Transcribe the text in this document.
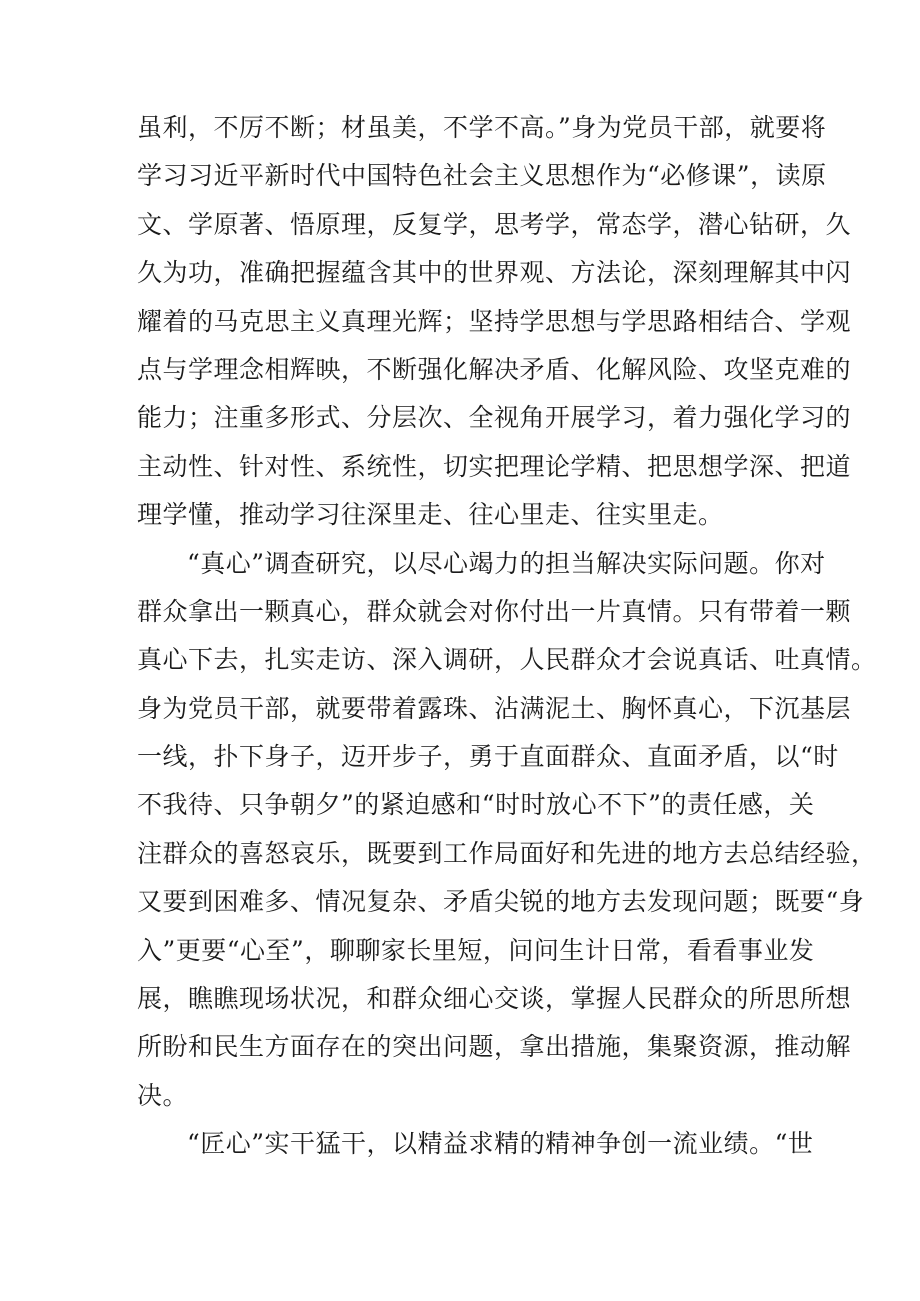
虽利，不厉不断；材虽美，不学不高。”身为党员干部，就要将
学习习近平新时代中国特色社会主义思想作为“必修课”，读原
文、学原著、悟原理，反复学，思考学，常态学，潜心钻研，久
久为功，准确把握蕴含其中的世界观、方法论，深刻理解其中闪
耀着的马克思主义真理光辉；坚持学思想与学思路相结合、学观
点与学理念相辉映，不断强化解决矛盾、化解风险、攻坚克难的
能力；注重多形式、分层次、全视角开展学习，着力强化学习的
主动性、针对性、系统性，切实把理论学精、把思想学深、把道
理学懂，推动学习往深里走、往心里走、往实里走。
“真心”调查研究，以尽心竭力的担当解决实际问题。你对
群众拿出一颗真心，群众就会对你付出一片真情。只有带着一颗
真心下去，扎实走访、深入调研，人民群众才会说真话、吐真情。
身为党员干部，就要带着露珠、沾满泥土、胸怀真心，下沉基层
一线，扑下身子，迈开步子，勇于直面群众、直面矛盾，以“时
不我待、只争朝夕”的紧迫感和“时时放心不下”的责任感，关
注群众的喜怒哀乐，既要到工作局面好和先进的地方去总结经验，
又要到困难多、情况复杂、矛盾尖锐的地方去发现问题；既要“身
入”更要“心至”，聊聊家长里短，问问生计日常，看看事业发
展，瞧瞧现场状况，和群众细心交谈，掌握人民群众的所思所想
所盼和民生方面存在的突出问题，拿出措施，集聚资源，推动解
决。
“匠心”实干猛干，以精益求精的精神争创一流业绩。“世
